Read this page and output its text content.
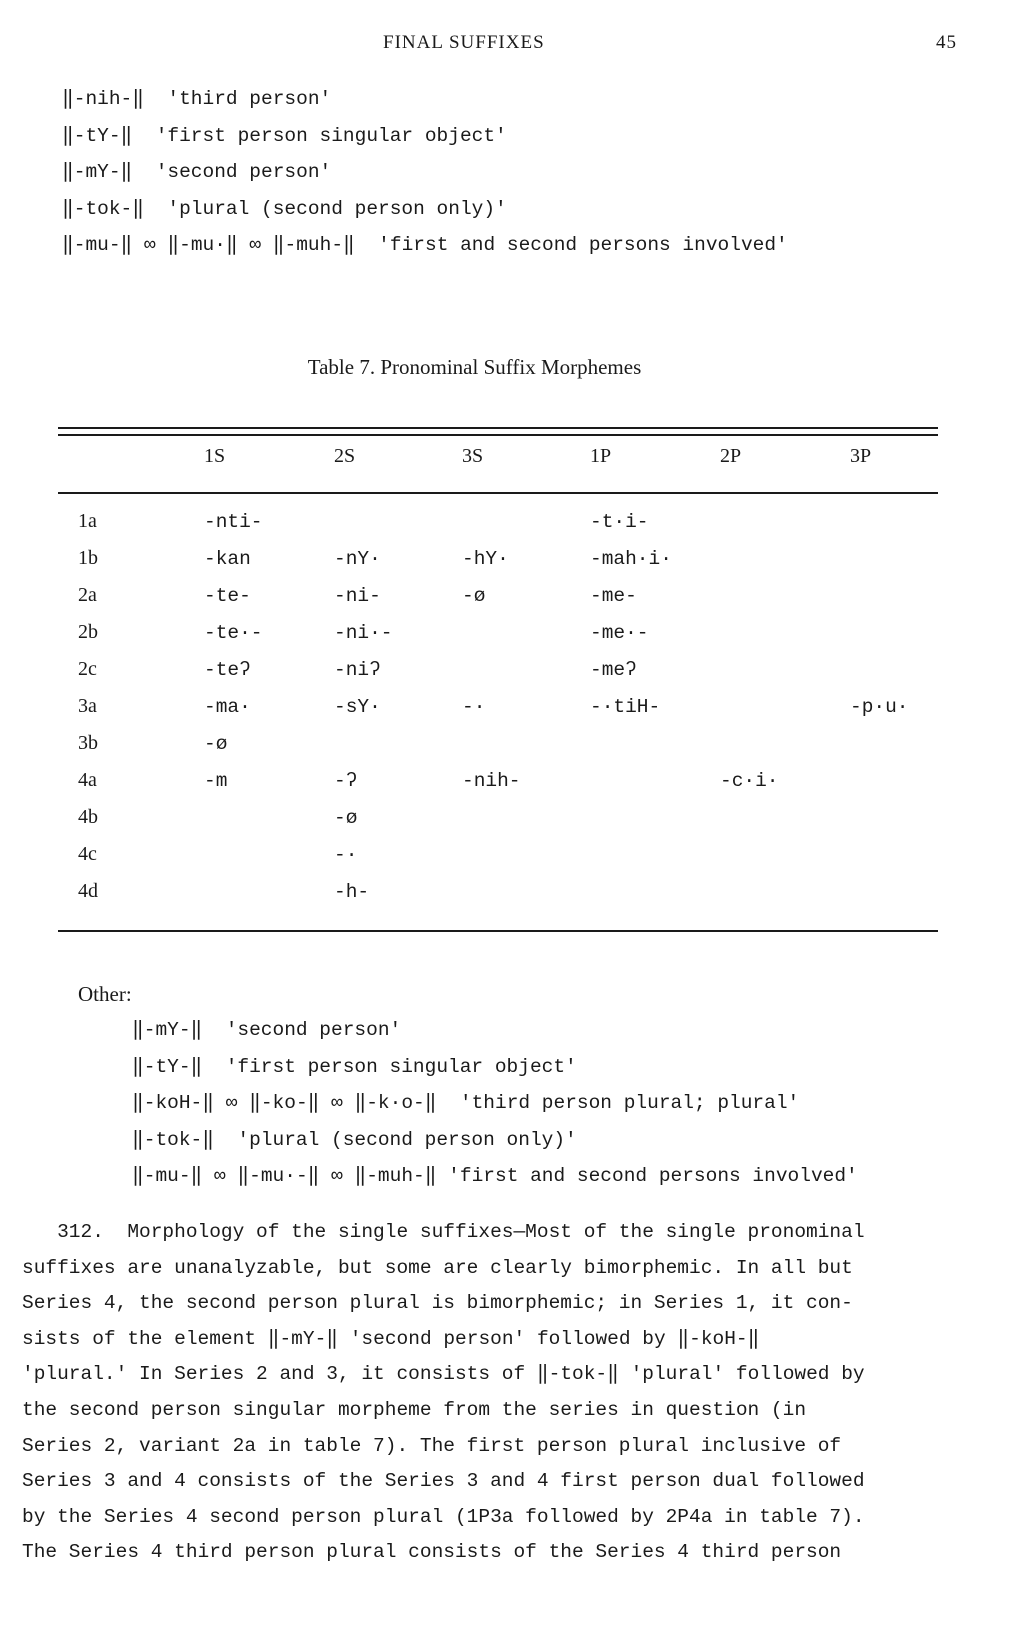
FINAL SUFFIXES	45
‖-nih-‖  'third person'
‖-tY-‖  'first person singular object'
‖-mY-‖  'second person'
‖-tok-‖  'plural (second person only)'
‖-mu-‖ ∞ ‖-mu·‖ ∞ ‖-muh-‖  'first and second persons involved'
Table 7. Pronominal Suffix Morphemes
	1S	2S	3S	1P	2P	3P
1a	-nti-			-t·i-		
1b	-kan	-nY·	-hY·	-mah·i·		
2a	-te-	-ni-	-ø	-me-		
2b	-te·-	-ni·-		-me·-		
2c	-teʔ	-niʔ		-meʔ		
3a	-ma·	-sY·	-·	-·tiH-		-p·u·
3b	-ø					
4a	-m	-ʔ	-nih-		-c·i·	
4b		-ø				
4c		-·				
4d		-h-				
Other:
‖-mY-‖  'second person'
‖-tY-‖  'first person singular object'
‖-koH-‖ ∞ ‖-ko-‖ ∞ ‖-k·o-‖  'third person plural; plural'
‖-tok-‖  'plural (second person only)'
‖-mu-‖ ∞ ‖-mu·-‖ ∞ ‖-muh-‖ 'first and second persons involved'
312.  Morphology of the single suffixes—Most of the single pronominal
suffixes are unanalyzable, but some are clearly bimorphemic. In all but
Series 4, the second person plural is bimorphemic; in Series 1, it con-
sists of the element ‖-mY-‖ 'second person' followed by ‖-koH-‖
'plural.' In Series 2 and 3, it consists of ‖-tok-‖ 'plural' followed by
the second person singular morpheme from the series in question (in
Series 2, variant 2a in table 7). The first person plural inclusive of
Series 3 and 4 consists of the Series 3 and 4 first person dual followed
by the Series 4 second person plural (1P3a followed by 2P4a in table 7).
The Series 4 third person plural consists of the Series 4 third person
